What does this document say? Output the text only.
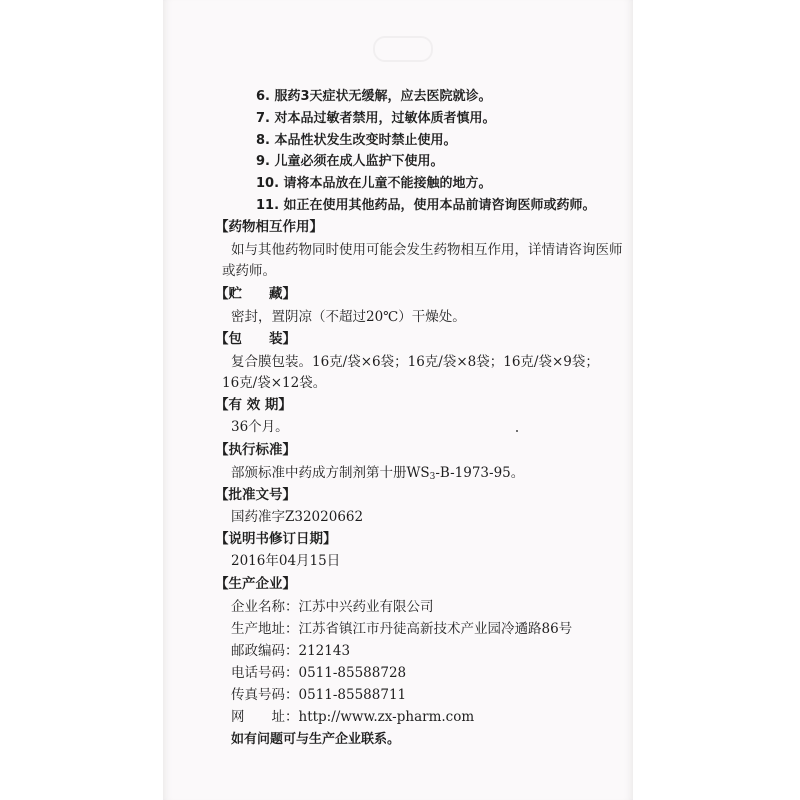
6. 服药3天症状无缓解，应去医院就诊。
7. 对本品过敏者禁用，过敏体质者慎用。
8. 本品性状发生改变时禁止使用。
9. 儿童必须在成人监护下使用。
10. 请将本品放在儿童不能接触的地方。
11. 如正在使用其他药品，使用本品前请咨询医师或药师。
【药物相互作用】
如与其他药物同时使用可能会发生药物相互作用，详情请咨询医师
或药师。
【贮　　藏】
密封，置阴凉（不超过20℃）干燥处。
【包　　装】
复合膜包装。16克/袋×6袋；16克/袋×8袋；16克/袋×9袋；
16克/袋×12袋。
【有 效 期】
36个月。
【执行标准】
部颁标准中药成方制剂第十册$WS_3-B-1973-95$。
【批准文号】
国药准字Z32020662
【说明书修订日期】
2016年04月15日
【生产企业】
企业名称：江苏中兴药业有限公司
生产地址：江苏省镇江市丹徒高新技术产业园冷遹路86号
邮政编码：212143
电话号码：0511-85588728
传真号码：0511-85588711
网　　址：http://www.zx-pharm.com
如有问题可与生产企业联系。
